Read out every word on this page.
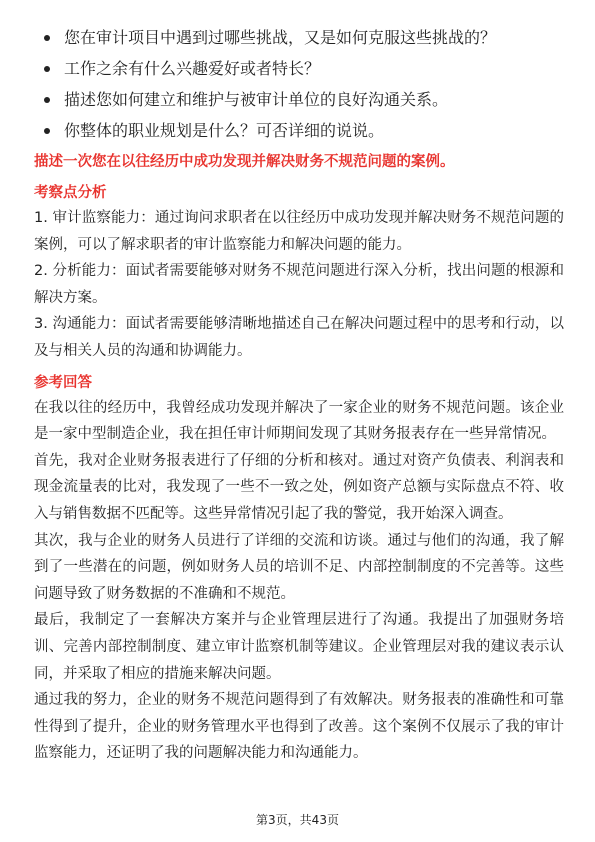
您在审计项目中遇到过哪些挑战，又是如何克服这些挑战的？
工作之余有什么兴趣爱好或者特长？
描述您如何建立和维护与被审计单位的良好沟通关系。
你整体的职业规划是什么？可否详细的说说。
描述一次您在以往经历中成功发现并解决财务不规范问题的案例。
考察点分析

1. 审计监察能力：通过询问求职者在以往经历中成功发现并解决财务不规范问题的案例，可以了解求职者的审计监察能力和解决问题的能力。

2. 分析能力：面试者需要能够对财务不规范问题进行深入分析，找出问题的根源和解决方案。

3. 沟通能力：面试者需要能够清晰地描述自己在解决问题过程中的思考和行动，以及与相关人员的沟通和协调能力。

参考回答

在我以往的经历中，我曾经成功发现并解决了一家企业的财务不规范问题。该企业是一家中型制造企业，我在担任审计师期间发现了其财务报表存在一些异常情况。

首先，我对企业财务报表进行了仔细的分析和核对。通过对资产负债表、利润表和现金流量表的比对，我发现了一些不一致之处，例如资产总额与实际盘点不符、收入与销售数据不匹配等。这些异常情况引起了我的警觉，我开始深入调查。

其次，我与企业的财务人员进行了详细的交流和访谈。通过与他们的沟通，我了解到了一些潜在的问题，例如财务人员的培训不足、内部控制制度的不完善等。这些问题导致了财务数据的不准确和不规范。

最后，我制定了一套解决方案并与企业管理层进行了沟通。我提出了加强财务培训、完善内部控制制度、建立审计监察机制等建议。企业管理层对我的建议表示认同，并采取了相应的措施来解决问题。

通过我的努力，企业的财务不规范问题得到了有效解决。财务报表的准确性和可靠性得到了提升，企业的财务管理水平也得到了改善。这个案例不仅展示了我的审计监察能力，还证明了我的问题解决能力和沟通能力。

第3页，共43页
